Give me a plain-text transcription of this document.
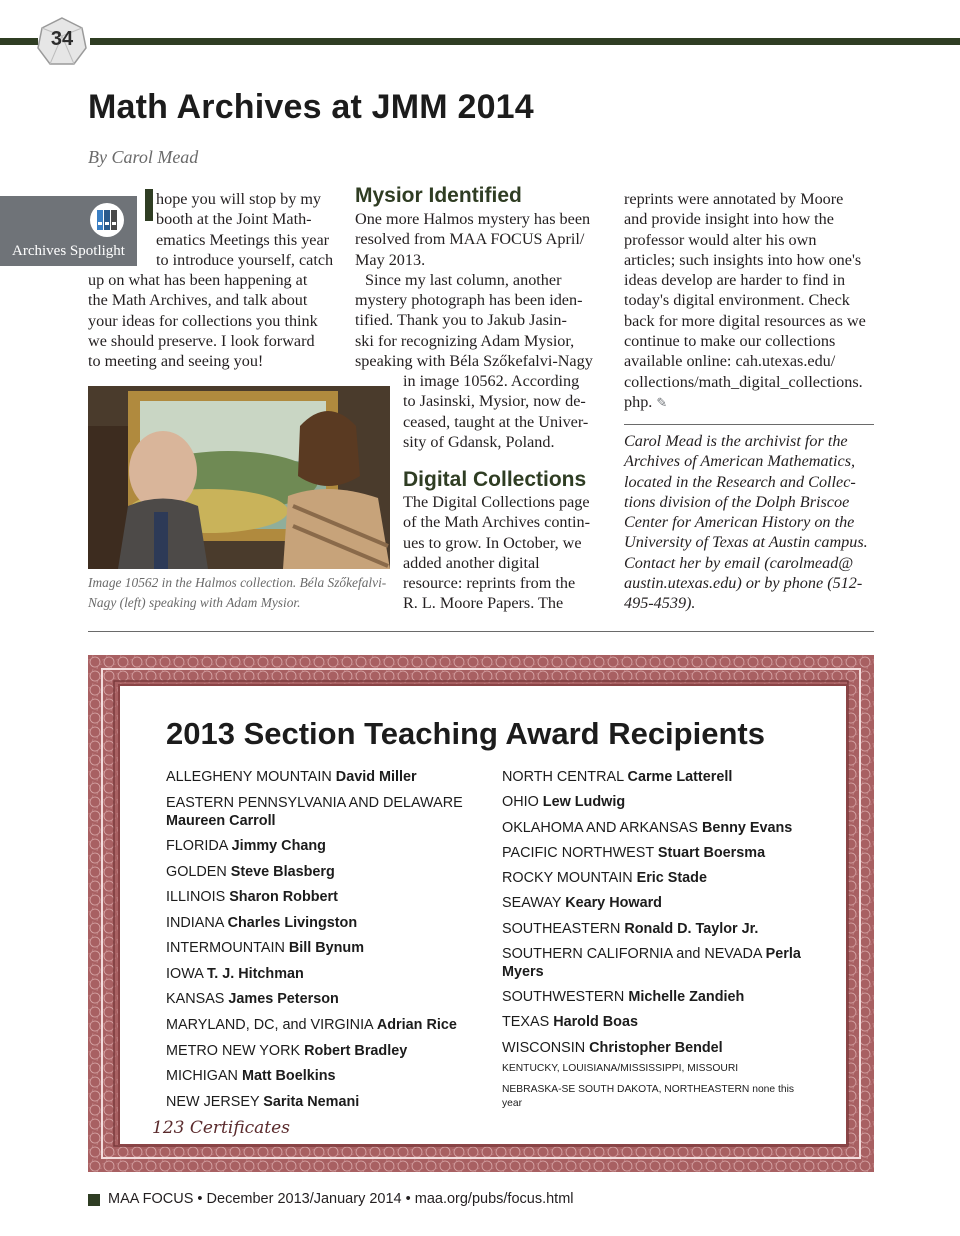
34
Math Archives at JMM 2014
By Carol Mead
Archives Spotlight

hope you will stop by my

booth at the Joint Math-

ematics Meetings this year

to introduce yourself, catch

up on what has been happening at

the Math Archives, and talk about

your ideas for collections you think

we should preserve. I look forward

to meeting and seeing you!

Image 10562 in the Halmos collection. Béla Szőkefalvi-Nagy (left) speaking with Adam Mysior.
Mysior Identified

One more Halmos mystery has been

resolved from MAA FOCUS April/

May 2013.

Since my last column, another

mystery photograph has been iden-

tified. Thank you to Jakub Jasin-

ski for recognizing Adam Mysior,

speaking with Béla Szőkefalvi-Nagy

in image 10562. According

to Jasinski, Mysior, now de-

ceased, taught at the Univer-

sity of Gdansk, Poland.

Digital Collections

The Digital Collections page

of the Math Archives contin-

ues to grow. In October, we

added another digital

resource: reprints from the

R. L. Moore Papers. The

reprints were annotated by Moore

and provide insight into how the

professor would alter his own

articles; such insights into how one's

ideas develop are harder to find in

today's digital environment. Check

back for more digital resources as we

continue to make our collections

available online: cah.utexas.edu/

collections/math_digital_collections.

php. ✎

Carol Mead is the archivist for the

Archives of American Mathematics,

located in the Research and Collec-

tions division of the Dolph Briscoe

Center for American History on the

University of Texas at Austin campus.

Contact her by email (carolmead@

austin.utexas.edu) or by phone (512-

495-4539).

2013 Section Teaching Award Recipients
ALLEGHENY MOUNTAIN David Miller
EASTERN PENNSYLVANIA AND DELAWARE
Maureen Carroll
FLORIDA Jimmy Chang
GOLDEN Steve Blasberg
ILLINOIS Sharon Robbert
INDIANA Charles Livingston
INTERMOUNTAIN Bill Bynum
IOWA T. J. Hitchman
KANSAS James Peterson
MARYLAND, DC, and VIRGINIA Adrian Rice
METRO NEW YORK Robert Bradley
MICHIGAN Matt Boelkins
NEW JERSEY Sarita Nemani
NORTH CENTRAL Carme Latterell
OHIO Lew Ludwig
OKLAHOMA AND ARKANSAS Benny Evans
PACIFIC NORTHWEST Stuart Boersma
ROCKY MOUNTAIN Eric Stade
SEAWAY Keary Howard
SOUTHEASTERN Ronald D. Taylor Jr.
SOUTHERN CALIFORNIA and NEVADA Perla Myers
SOUTHWESTERN Michelle Zandieh
TEXAS Harold Boas
WISCONSIN Christopher Bendel
KENTUCKY, LOUISIANA/MISSISSIPPI, MISSOURI
NEBRASKA-SE SOUTH DAKOTA, NORTHEASTERN none this year
123 Certificates
MAA FOCUS • December 2013/January 2014 • maa.org/pubs/focus.html
